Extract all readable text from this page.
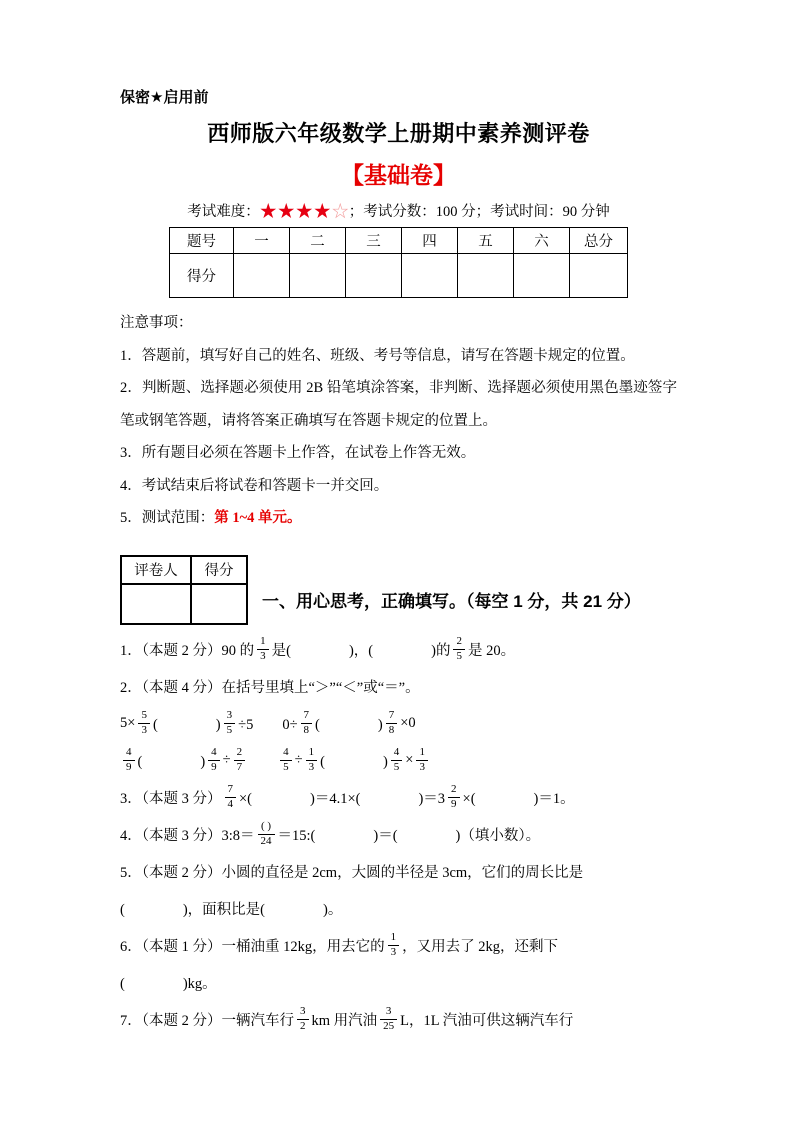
保密★启用前
西师版六年级数学上册期中素养测评卷
【基础卷】
考试难度：★★★★☆；考试分数：100 分；考试时间：90 分钟
题号	一	二	三	四	五	六	总分
得分							

注意事项：

1．答题前，填写好自己的姓名、班级、考号等信息，请写在答题卡规定的位置。

2．判断题、选择题必须使用 2B 铅笔填涂答案，非判断、选择题必须使用黑色墨迹签字笔或钢笔答题，请将答案正确填写在答题卡规定的位置上。

3．所有题目必须在答题卡上作答，在试卷上作答无效。

4．考试结束后将试卷和答题卡一并交回。

5．测试范围：第 1~4 单元。

评卷人	得分

一、用心思考，正确填写。（每空 1 分，共 21 分）
1．（本题 2 分）90 的 $\frac{1}{3}$ 是(　　　　)，(　　　　)的 $\frac{2}{5}$ 是 20。
2．（本题 4 分）在括号里填上“＞”“＜”或“＝”。
$5\times \frac{5}{3}$ (　　　　) $\frac{3}{5} \div 5$　　$0\div \frac{7}{8}$ (　　　　) $\frac{7}{8} \times 0$
$\frac{4}{9}$ (　　　　) $\frac{4}{9} \div \frac{2}{7}$
　　	$\frac{4}{5} \div \frac{1}{3}$ (　　　　) $\frac{4}{5} \times \frac{1}{3}$
3．（本题 3 分） $\frac{7}{4}$ ×(　　　　)＝4.1×(　　　　)$=3 \frac{2}{9}$ ×(　　　　)＝1。
4．（本题 3 分）3:8＝ $\frac{( )}{24}$ ＝15:(　　　　)＝(　　　　)（填小数）。
5．（本题 2 分）小圆的直径是 2cm，大圆的半径是 3cm，它们的周长比是
(　　　　)，面积比是(　　　　)。
6．（本题 1 分）一桶油重 12kg，用去它的 $\frac{1}{3}$ ，又用去了 2kg，还剩下
(　　　　)kg。
7．（本题 2 分）一辆汽车行 $\frac{3}{2}$ km 用汽油 $\frac{3}{25}$ L，1L 汽油可供这辆汽车行
